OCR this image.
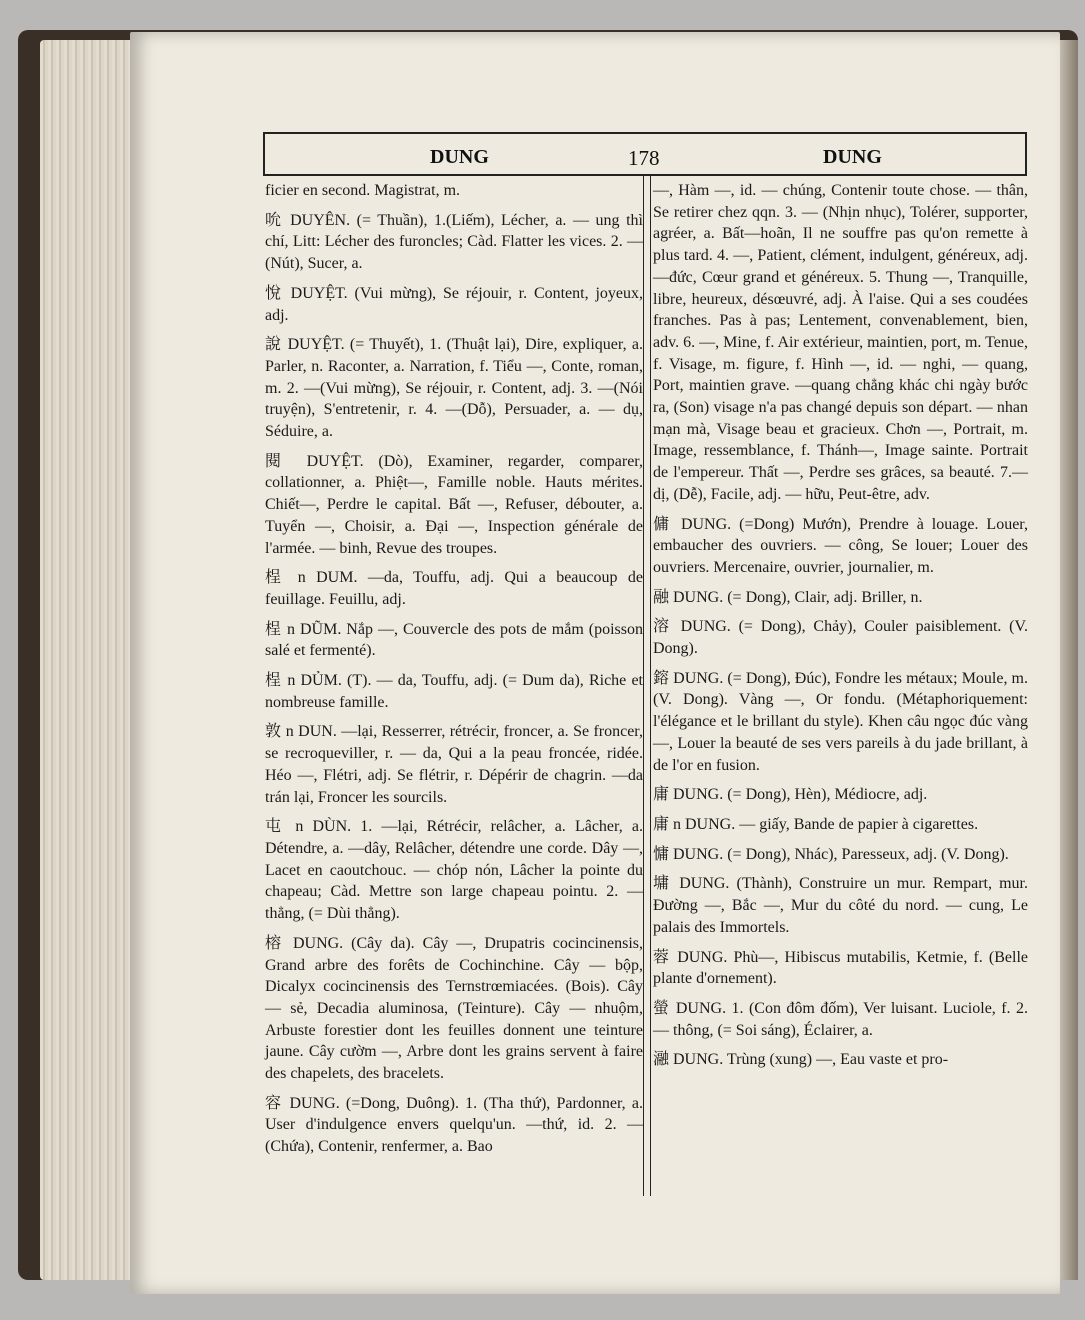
DUNG	178	DUNG

ficier en second. Magistrat, m.

吮 DUYÊN. (= Thuần), 1.(Liếm), Lécher, a. — ung thì chí, Litt: Lécher des furoncles; Càd. Flatter les vices. 2. —(Nút), Sucer, a.

悅 DUYỆT. (Vui mừng), Se réjouir, r. Content, joyeux, adj.

說 DUYỆT. (= Thuyết), 1. (Thuật lại), Dire, expliquer, a. Parler, n. Raconter, a. Narration, f. Tiểu —, Conte, roman, m. 2. —(Vui mừng), Se réjouir, r. Content, adj. 3. —(Nói truyện), S'entretenir, r. 4. —(Dỗ), Persuader, a. — dụ, Séduire, a.

閱 DUYỆT. (Dò), Examiner, regarder, comparer, collationner, a. Phiệt—, Famille noble. Hauts mérites. Chiết—, Perdre le capital. Bất —, Refuser, débouter, a. Tuyển —, Choisir, a. Đại —, Inspection générale de l'armée. — binh, Revue des troupes.

桯 n DUM. —da, Touffu, adj. Qui a beaucoup de feuillage. Feuillu, adj.

桯 n DŨM. Nắp —, Couvercle des pots de mắm (poisson salé et fermenté).

桯 n DỦM. (T). — da, Touffu, adj. (= Dum da), Riche et nombreuse famille.

敦 n DUN. —lại, Resserrer, rétrécir, froncer, a. Se froncer, se recroqueviller, r. — da, Qui a la peau froncée, ridée. Héo —, Flétri, adj. Se flétrir, r. Dépérir de chagrin. —da trán lại, Froncer les sourcils.

屯 n DÙN. 1. —lại, Rétrécir, relâcher, a. Lâcher, a. Détendre, a. —dây, Relâcher, détendre une corde. Dây —, Lacet en caoutchouc. — chóp nón, Lâcher la pointe du chapeau; Càd. Mettre son large chapeau pointu. 2. — thẳng, (= Dùi thẳng).

榕 DUNG. (Cây da). Cây —, Drupatris cocincinensis, Grand arbre des forêts de Cochinchine. Cây — bộp, Dicalyx cocincinensis des Ternstrœmiacées. (Bois). Cây — sẻ, Decadia aluminosa, (Teinture). Cây — nhuộm, Arbuste forestier dont les feuilles donnent une teinture jaune. Cây cườm —, Arbre dont les grains servent à faire des chapelets, des bracelets.

容 DUNG. (=Dong, Duông). 1. (Tha thứ), Pardonner, a. User d'indulgence envers quelqu'un. —thứ, id. 2. —(Chứa), Contenir, renfermer, a. Bao

—, Hàm —, id. — chúng, Contenir toute chose. — thân, Se retirer chez qqn. 3. — (Nhịn nhục), Tolérer, supporter, agréer, a. Bất—hoãn, Il ne souffre pas qu'on remette à plus tard. 4. —, Patient, clément, indulgent, généreux, adj. —đức, Cœur grand et généreux. 5. Thung —, Tranquille, libre, heureux, désœuvré, adj. À l'aise. Qui a ses coudées franches. Pas à pas; Lentement, convenablement, bien, adv. 6. —, Mine, f. Air extérieur, maintien, port, m. Tenue, f. Visage, m. figure, f. Hình —, id. — nghi, — quang, Port, maintien grave. —quang chẳng khác chi ngày bước ra, (Son) visage n'a pas changé depuis son départ. — nhan mạn mà, Visage beau et gracieux. Chơn —, Portrait, m. Image, ressemblance, f. Thánh—, Image sainte. Portrait de l'empereur. Thất —, Perdre ses grâces, sa beauté. 7.— dị, (Dễ), Facile, adj. — hữu, Peut-être, adv.

傭 DUNG. (=Dong) Mướn), Prendre à louage. Louer, embaucher des ouvriers. — công, Se louer; Louer des ouvriers. Mercenaire, ouvrier, journalier, m.

融 DUNG. (= Dong), Clair, adj. Briller, n.

溶 DUNG. (= Dong), Chảy), Couler paisiblement. (V. Dong).

鎔 DUNG. (= Dong), Đúc), Fondre les métaux; Moule, m. (V. Dong). Vàng —, Or fondu. (Métaphoriquement: l'élégance et le brillant du style). Khen câu ngọc đúc vàng —, Louer la beauté de ses vers pareils à du jade brillant, à de l'or en fusion.

庸 DUNG. (= Dong), Hèn), Médiocre, adj.

庸 n DUNG. — giấy, Bande de papier à cigarettes.

慵 DUNG. (= Dong), Nhác), Paresseux, adj. (V. Dong).

墉 DUNG. (Thành), Construire un mur. Rempart, mur. Đường —, Bắc —, Mur du côté du nord. — cung, Le palais des Immortels.

蓉 DUNG. Phù—, Hibiscus mutabilis, Ketmie, f. (Belle plante d'ornement).

螢 DUNG. 1. (Con đôm đốm), Ver luisant. Luciole, f. 2. — thông, (= Soi sáng), Éclairer, a.

瀜 DUNG. Trùng (xung) —, Eau vaste et pro-
